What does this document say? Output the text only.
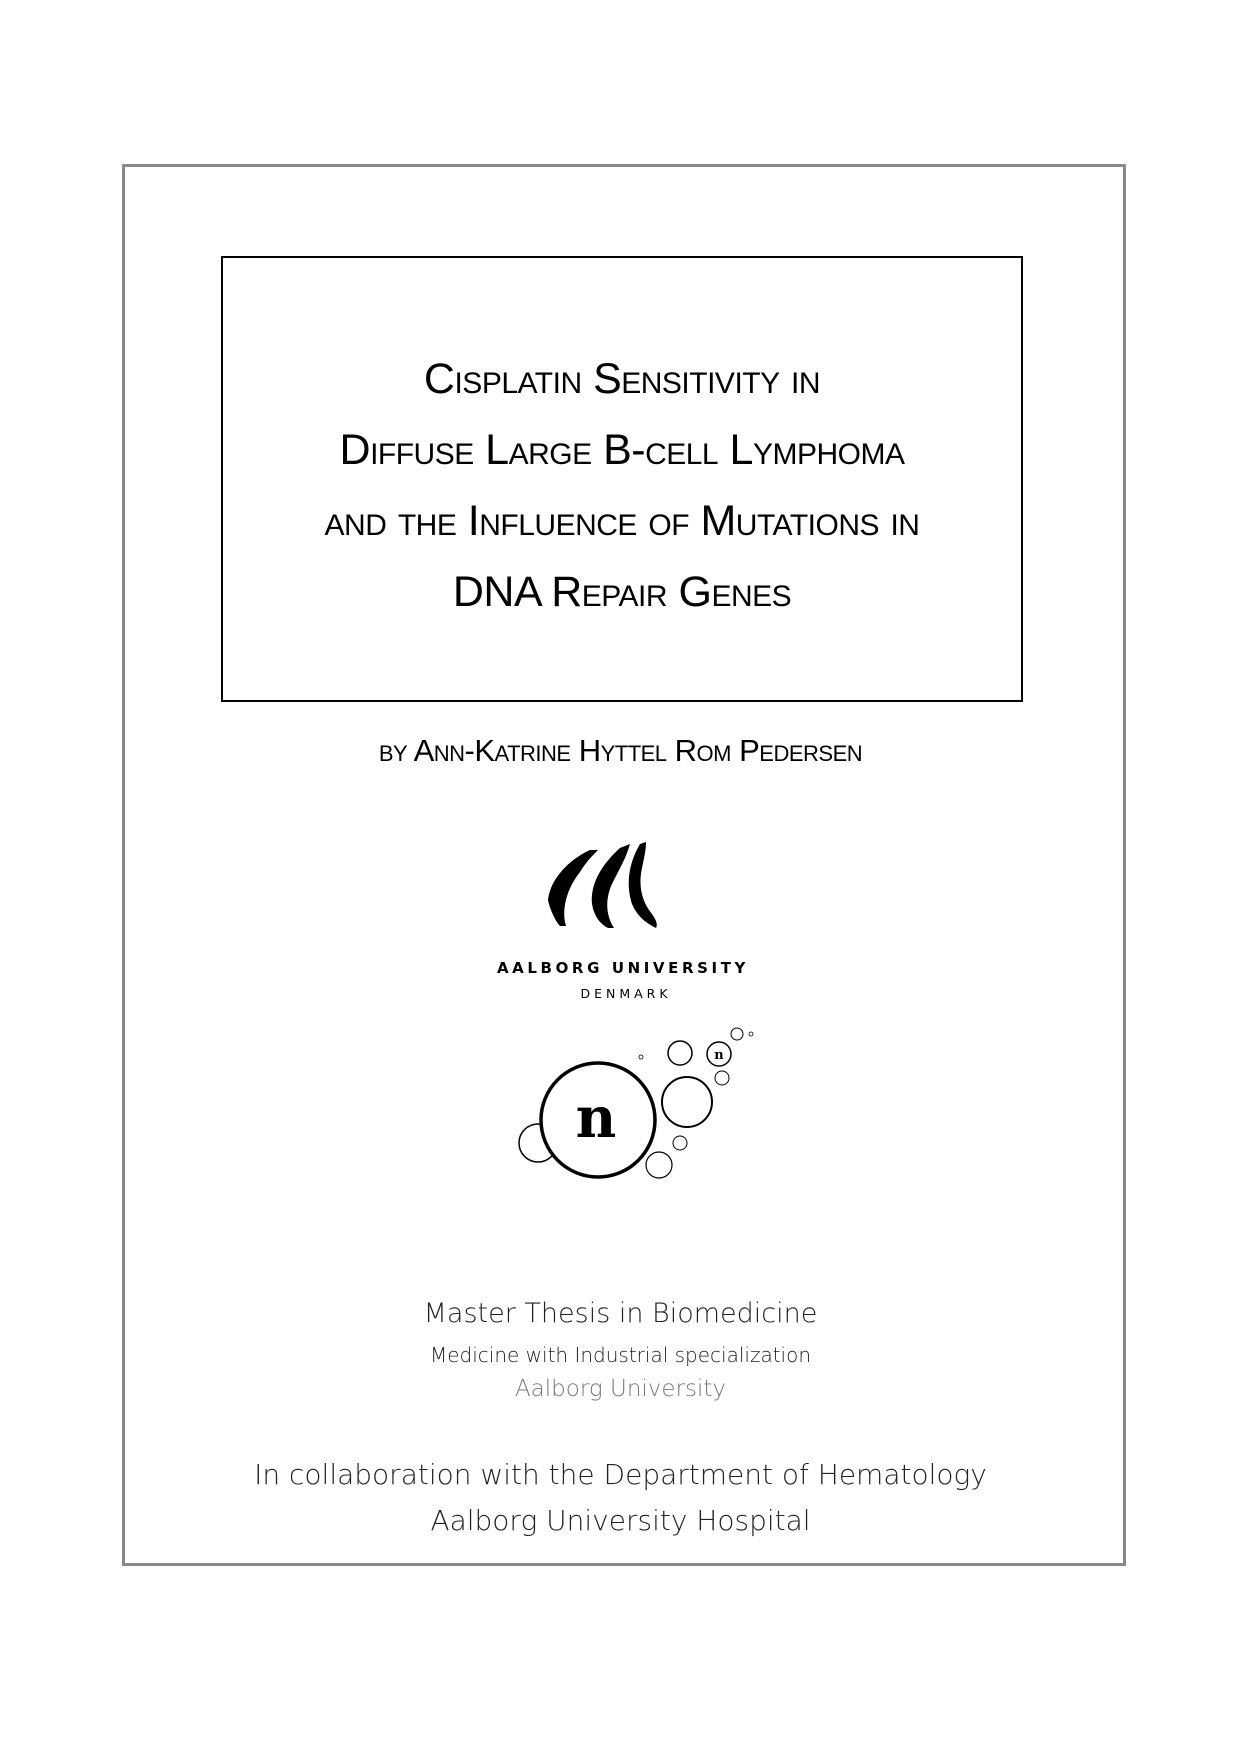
Cisplatin Sensitivity in
Diffuse Large B-cell Lymphoma
and the Influence of Mutations in
DNA Repair Genes
by Ann-Katrine Hyttel Rom Pedersen
AALBORG UNIVERSITY
DENMARK
n
n
Master Thesis in Biomedicine
Medicine with Industrial specialization
Aalborg University
In collaboration with the Department of Hematology
Aalborg University Hospital
